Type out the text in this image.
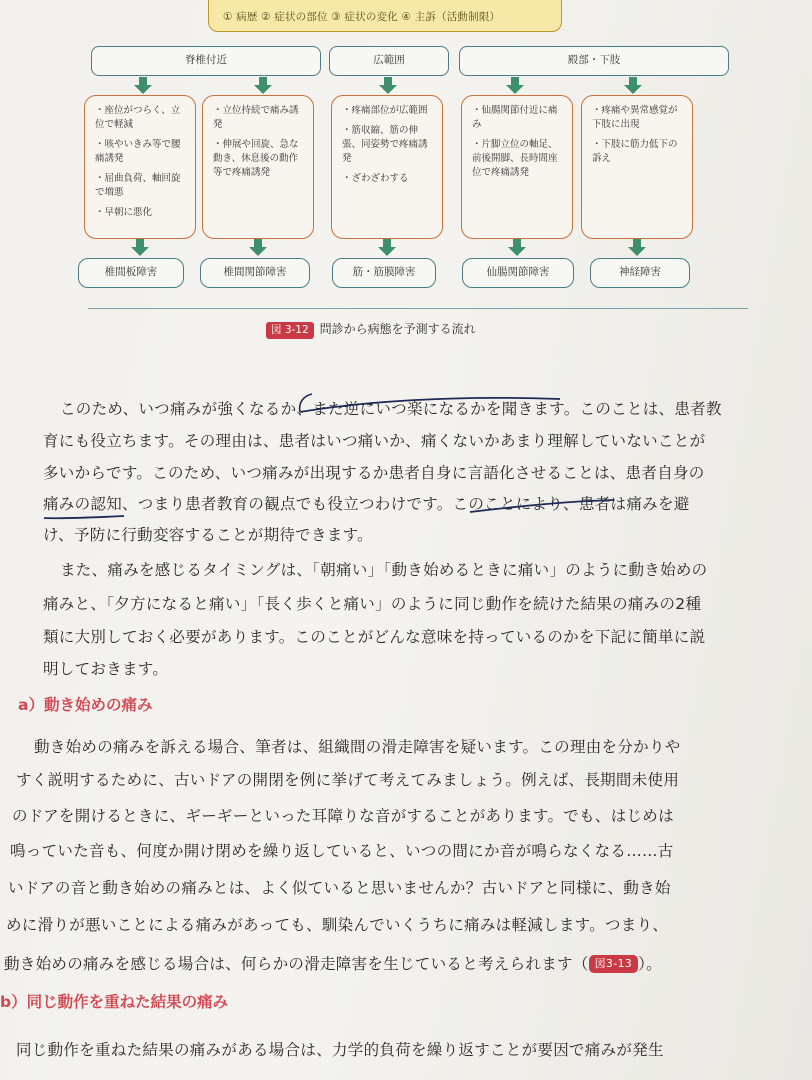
① 病歴 ② 症状の部位 ③ 症状の変化 ④ 主訴（活動制限）
脊椎付近	広範囲	殿部・下肢
・座位がつらく、立位で軽減
・咳やいきみ等で腰痛誘発
・屈曲負荷、軸回旋で増悪
・早朝に悪化
・立位持続で痛み誘発
・伸展や回旋、急な動き、休息後の動作等で疼痛誘発
・疼痛部位が広範囲
・筋収縮、筋の伸張、同姿勢で疼痛誘発
・ざわざわする
・仙腸関節付近に痛み
・片脚立位の軸足、前後開脚、長時間座位で疼痛誘発
・疼痛や異常感覚が下肢に出現
・下肢に筋力低下の訴え
椎間板障害	椎間関節障害	筋・筋膜障害	仙腸関節障害	神経障害
図 3-12 問診から病態を予測する流れ
このため、いつ痛みが強くなるか、また逆にいつ楽になるかを聞きます。このことは、患者教
育にも役立ちます。その理由は、患者はいつ痛いか、痛くないかあまり理解していないことが
多いからです。このため、いつ痛みが出現するか患者自身に言語化させることは、患者自身の
痛みの認知、つまり患者教育の観点でも役立つわけです。このことにより、患者は痛みを避
け、予防に行動変容することが期待できます。
また、痛みを感じるタイミングは、「朝痛い」「動き始めるときに痛い」のように動き始めの
痛みと、「夕方になると痛い」「長く歩くと痛い」のように同じ動作を続けた結果の痛みの2種
類に大別しておく必要があります。このことがどんな意味を持っているのかを下記に簡単に説
明しておきます。
a）動き始めの痛み
動き始めの痛みを訴える場合、筆者は、組織間の滑走障害を疑います。この理由を分かりや
すく説明するために、古いドアの開閉を例に挙げて考えてみましょう。例えば、長期間未使用
のドアを開けるときに、ギーギーといった耳障りな音がすることがあります。でも、はじめは
鳴っていた音も、何度か開け閉めを繰り返していると、いつの間にか音が鳴らなくなる……古
いドアの音と動き始めの痛みとは、よく似ていると思いませんか？古いドアと同様に、動き始
めに滑りが悪いことによる痛みがあっても、馴染んでいくうちに痛みは軽減します。つまり、
動き始めの痛みを感じる場合は、何らかの滑走障害を生じていると考えられます（ 図3-13 ）。
b）同じ動作を重ねた結果の痛み
同じ動作を重ねた結果の痛みがある場合は、力学的負荷を繰り返すことが要因で痛みが発生
